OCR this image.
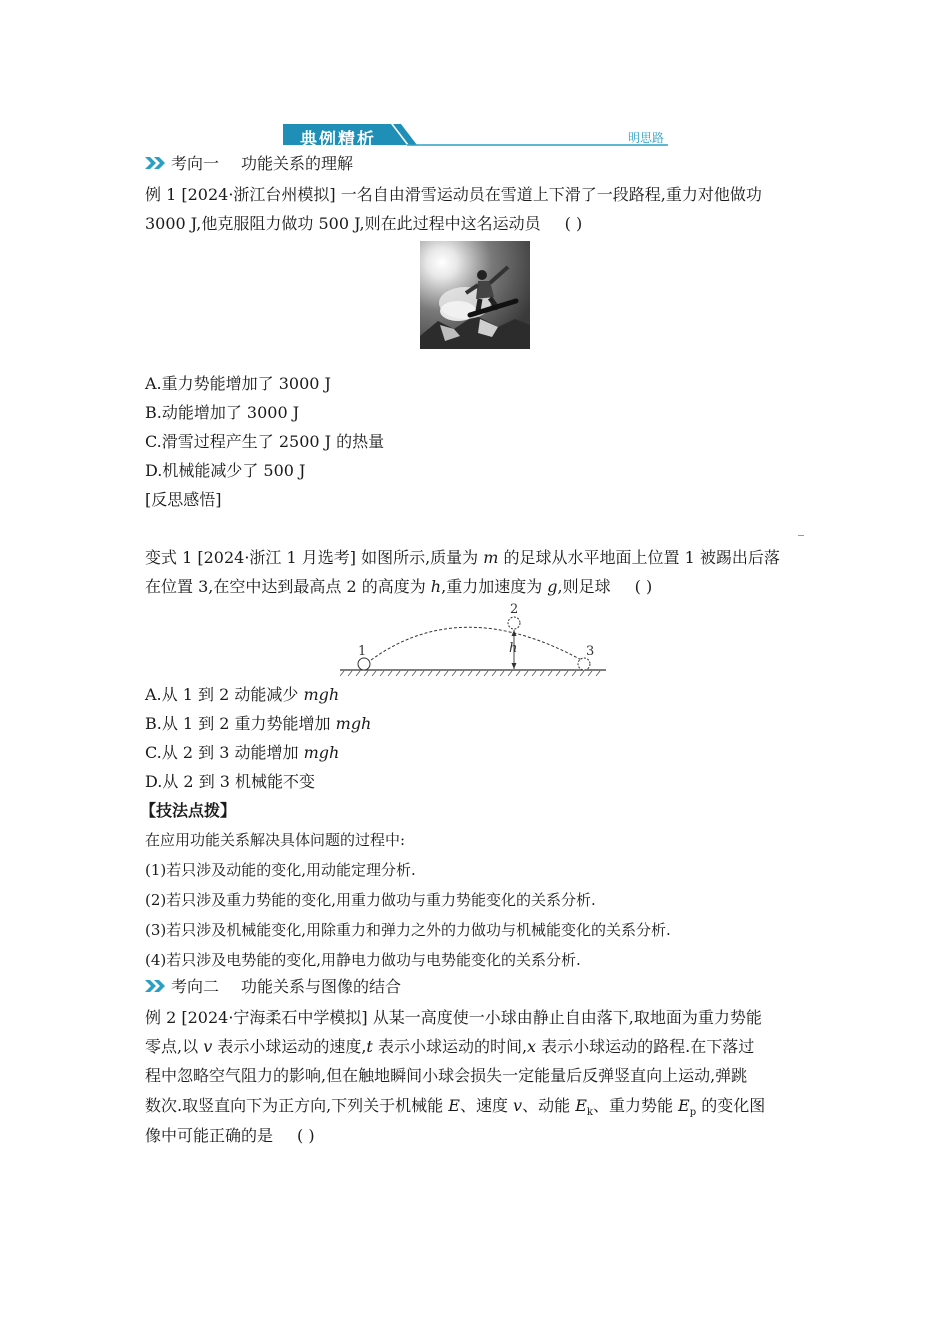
典例精析	明思路
考向一 功能关系的理解
例 1 [2024·浙江台州模拟] 一名自由滑雪运动员在雪道上下滑了一段路程,重力对他做功
3000 J,他克服阻力做功 500 J,则在此过程中这名运动员 ( )
A.重力势能增加了 3000 J
B.动能增加了 3000 J
C.滑雪过程产生了 2500 J 的热量
D.机械能减少了 500 J
[反思感悟]
变式 1 [2024·浙江 1 月选考] 如图所示,质量为 m 的足球从水平地面上位置 1 被踢出后落
在位置 3,在空中达到最高点 2 的高度为 h,重力加速度为 g,则足球 ( )
1
2
3
h
A.从 1 到 2 动能减少 mgh
B.从 1 到 2 重力势能增加 mgh
C.从 2 到 3 动能增加 mgh
D.从 2 到 3 机械能不变
【技法点拨】
在应用功能关系解决具体问题的过程中:
(1)若只涉及动能的变化,用动能定理分析.
(2)若只涉及重力势能的变化,用重力做功与重力势能变化的关系分析.
(3)若只涉及机械能变化,用除重力和弹力之外的力做功与机械能变化的关系分析.
(4)若只涉及电势能的变化,用静电力做功与电势能变化的关系分析.
考向二 功能关系与图像的结合
例 2 [2024·宁海柔石中学模拟] 从某一高度使一小球由静止自由落下,取地面为重力势能
零点,以 v 表示小球运动的速度,t 表示小球运动的时间,x 表示小球运动的路程.在下落过
程中忽略空气阻力的影响,但在触地瞬间小球会损失一定能量后反弹竖直向上运动,弹跳
数次.取竖直向下为正方向,下列关于机械能 E、速度 v、动能 $E_k$、重力势能 $E_p$ 的变化图
像中可能正确的是 ( )
